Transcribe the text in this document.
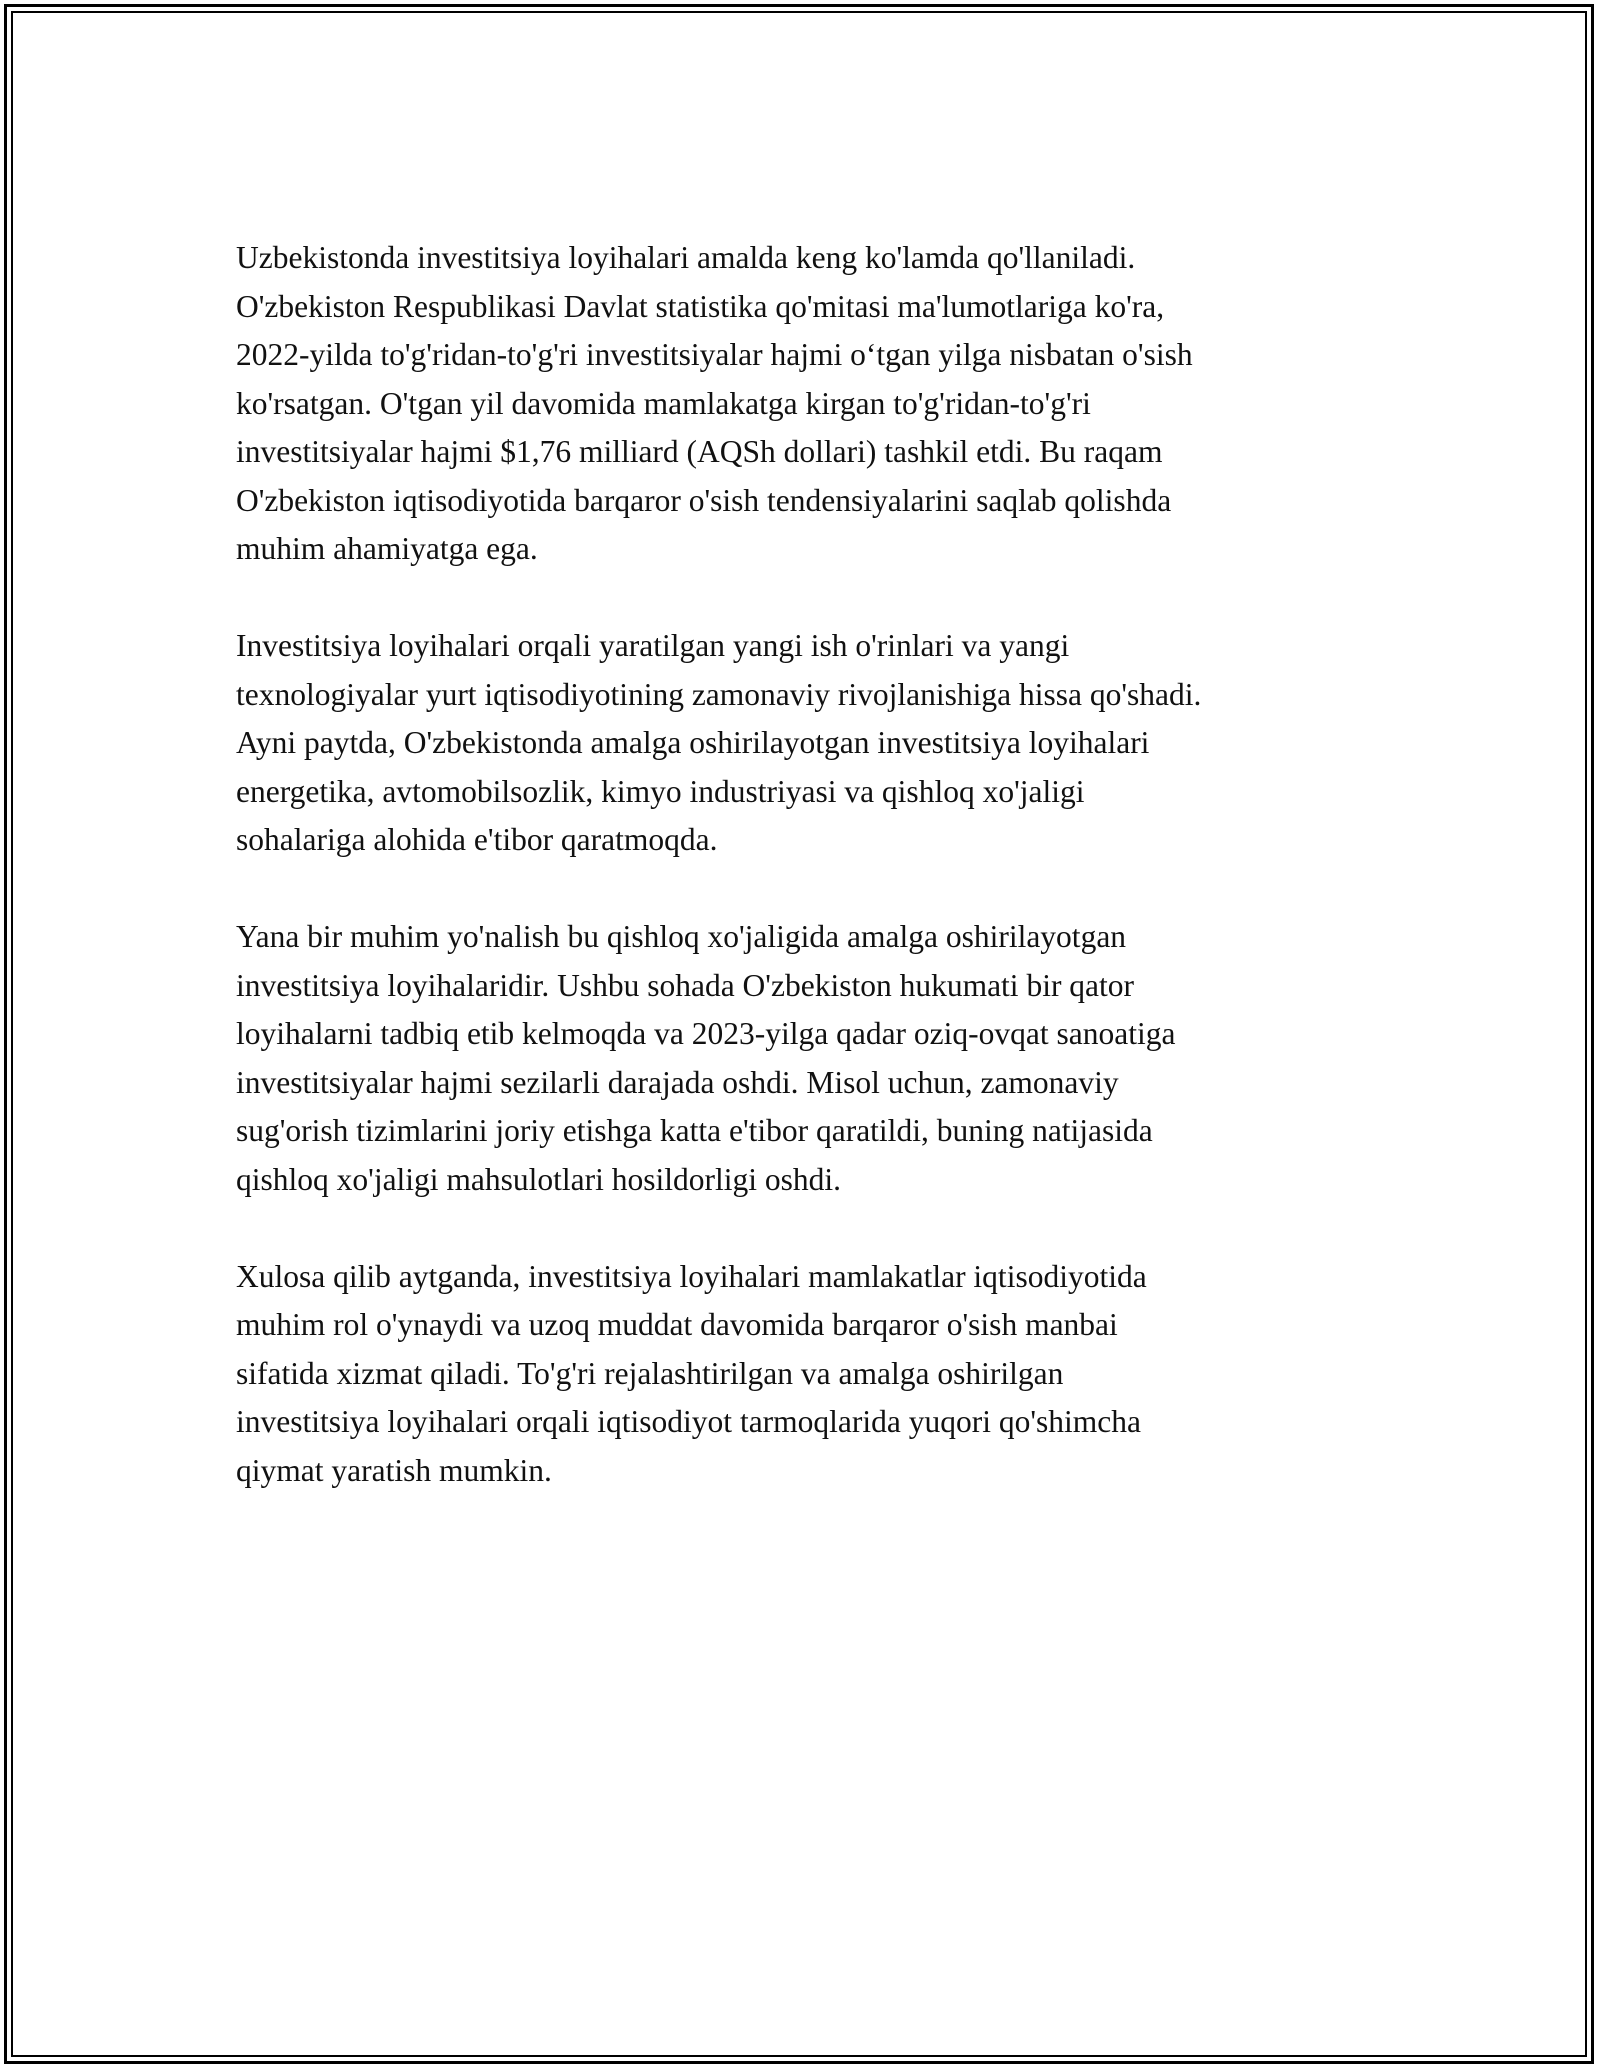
Uzbekistonda investitsiya loyihalari amalda keng ko'lamda qo'llaniladi.
O'zbekiston Respublikasi Davlat statistika qo'mitasi ma'lumotlariga ko'ra,
2022-yilda to'g'ridan-to'g'ri investitsiyalar hajmi o‘tgan yilga nisbatan o'sish
ko'rsatgan. O'tgan yil davomida mamlakatga kirgan to'g'ridan-to'g'ri
investitsiyalar hajmi $1,76 milliard (AQSh dollari) tashkil etdi. Bu raqam
O'zbekiston iqtisodiyotida barqaror o'sish tendensiyalarini saqlab qolishda
muhim ahamiyatga ega.
Investitsiya loyihalari orqali yaratilgan yangi ish o'rinlari va yangi
texnologiyalar yurt iqtisodiyotining zamonaviy rivojlanishiga hissa qo'shadi.
Ayni paytda, O'zbekistonda amalga oshirilayotgan investitsiya loyihalari
energetika, avtomobilsozlik, kimyo industriyasi va qishloq xo'jaligi
sohalariga alohida e'tibor qaratmoqda.
Yana bir muhim yo'nalish bu qishloq xo'jaligida amalga oshirilayotgan
investitsiya loyihalaridir. Ushbu sohada O'zbekiston hukumati bir qator
loyihalarni tadbiq etib kelmoqda va 2023-yilga qadar oziq-ovqat sanoatiga
investitsiyalar hajmi sezilarli darajada oshdi. Misol uchun, zamonaviy
sug'orish tizimlarini joriy etishga katta e'tibor qaratildi, buning natijasida
qishloq xo'jaligi mahsulotlari hosildorligi oshdi.
Xulosa qilib aytganda, investitsiya loyihalari mamlakatlar iqtisodiyotida
muhim rol o'ynaydi va uzoq muddat davomida barqaror o'sish manbai
sifatida xizmat qiladi. To'g'ri rejalashtirilgan va amalga oshirilgan
investitsiya loyihalari orqali iqtisodiyot tarmoqlarida yuqori qo'shimcha
qiymat yaratish mumkin.
